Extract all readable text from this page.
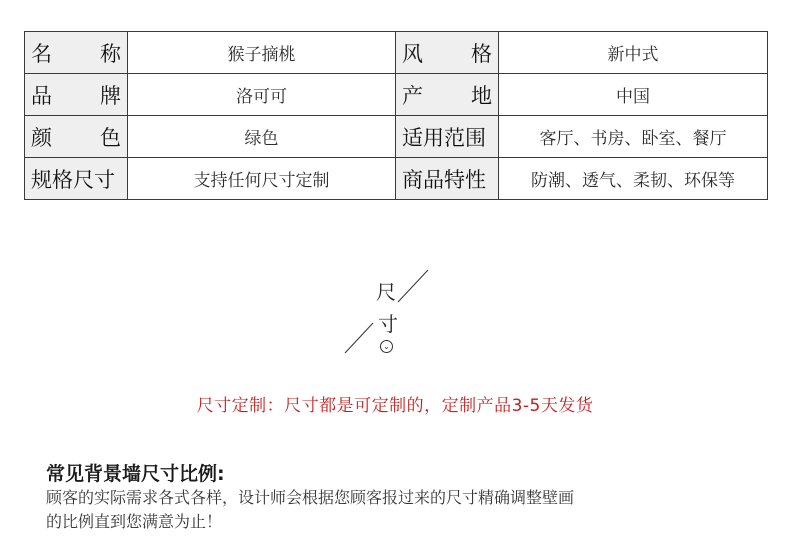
名 称	猴子摘桃	风 格	新中式
品 牌	洛可可	产 地	中国
颜 色	绿色	适用范围	客厅、书房、卧室、餐厅
规格尺寸	支持任何尺寸定制	商品特性	防潮、透气、柔韧、环保等
尺
寸
⌄
尺寸定制：尺寸都是可定制的，定制产品3-5天发货
常见背景墙尺寸比例:
顾客的实际需求各式各样，设计师会根据您顾客报过来的尺寸精确调整壁画
的比例直到您满意为止！
